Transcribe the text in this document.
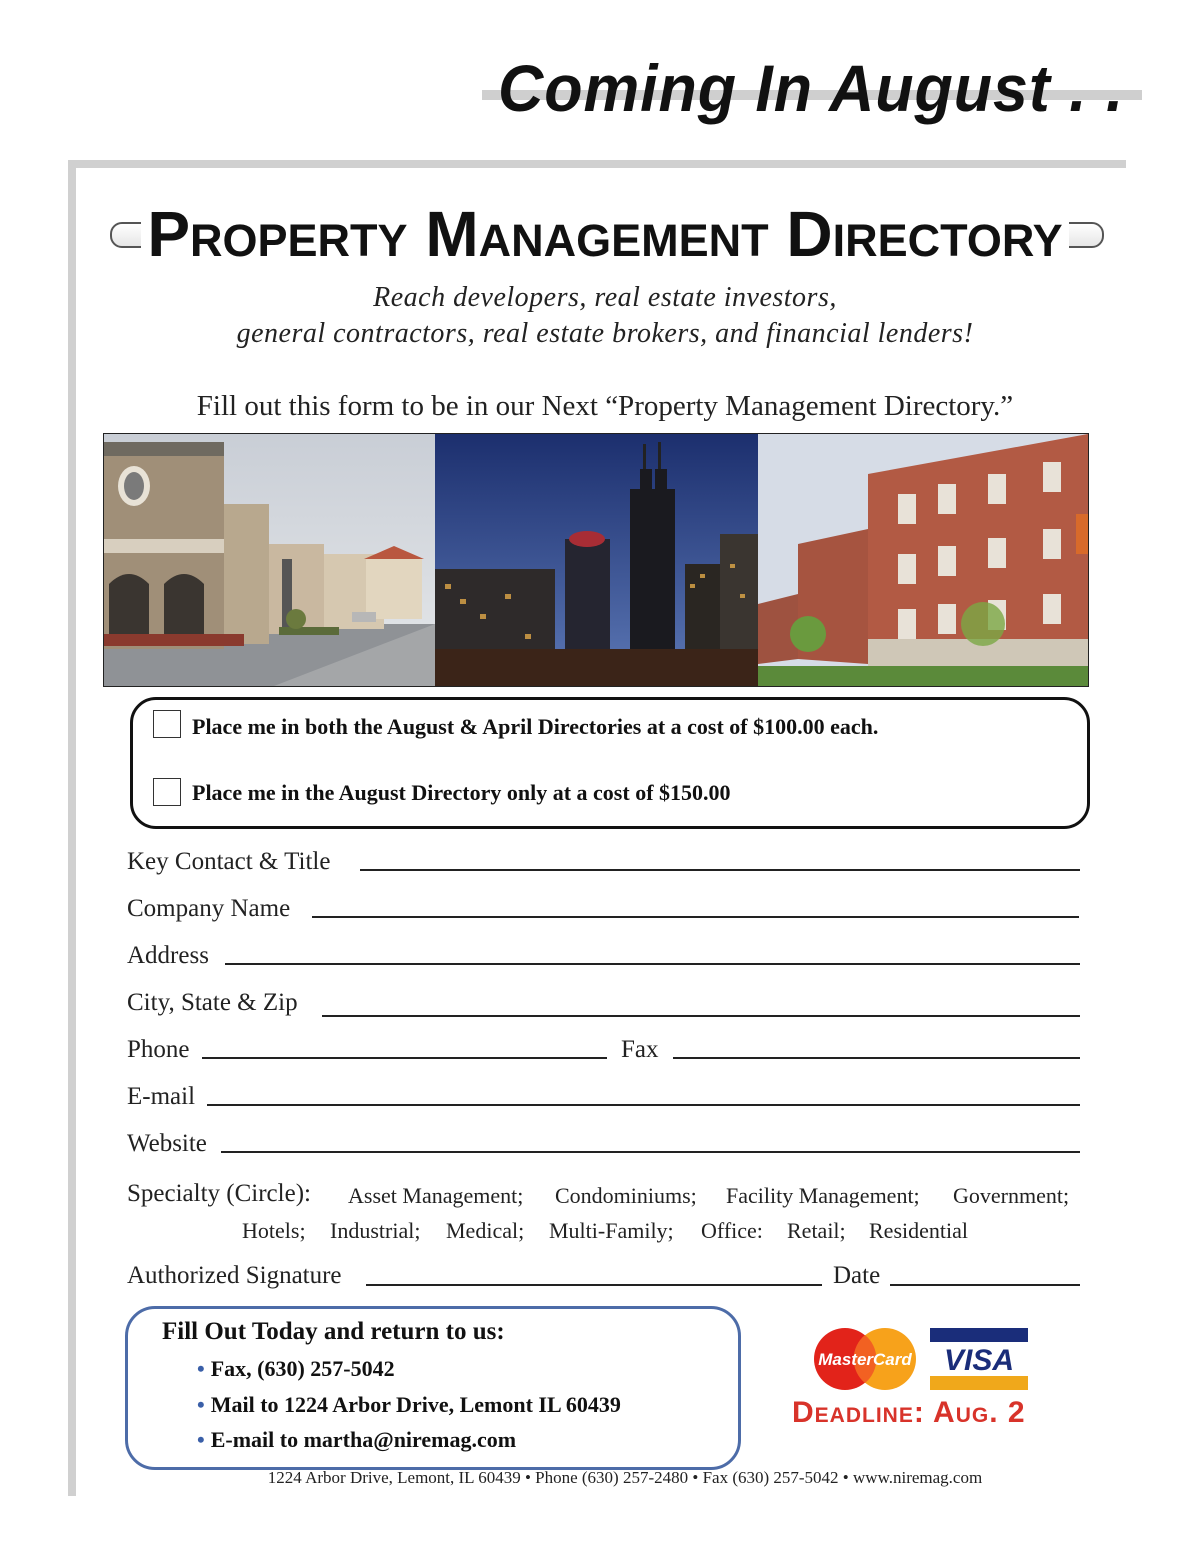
Coming In August . .
Property Management Directory
Reach developers, real estate investors,
general contractors, real estate brokers, and financial lenders!
Fill out this form to be in our Next “Property Management Directory.”
Place me in both the August & April Directories at a cost of $100.00 each.
Place me in the August Directory only at a cost of $150.00
Key Contact & Title
Company Name
Address
City, State & Zip
Phone	Fax
E-mail
Website
Specialty (Circle): Asset Management; Condominiums; Facility Management; Government;
Hotels; Industrial; Medical; Multi-Family; Office: Retail; Residential
Authorized Signature	Date
Fill Out Today and return to us:
• Fax, (630) 257-5042
• Mail to 1224 Arbor Drive, Lemont IL 60439
• E-mail to martha@niremag.com
MasterCard VISA
Deadline: Aug. 2
1224 Arbor Drive, Lemont, IL 60439 • Phone (630) 257-2480 • Fax (630) 257-5042 • www.niremag.com
